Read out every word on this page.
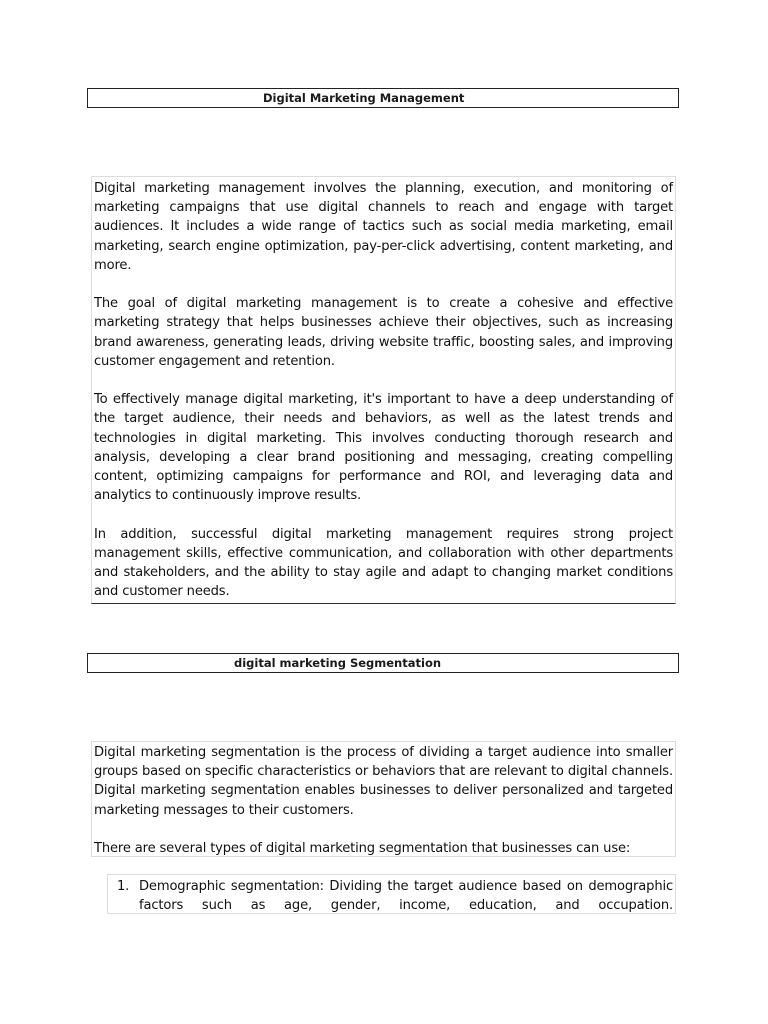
Digital Marketing Management

Digital marketing management involves the planning, execution, and monitoring of marketing campaigns that use digital channels to reach and engage with target audiences. It includes a wide range of tactics such as social media marketing, email marketing, search engine optimization, pay-per-click advertising, content marketing, and more.

The goal of digital marketing management is to create a cohesive and effective marketing strategy that helps businesses achieve their objectives, such as increasing brand awareness, generating leads, driving website traffic, boosting sales, and improving customer engagement and retention.

To effectively manage digital marketing, it's important to have a deep understanding of the target audience, their needs and behaviors, as well as the latest trends and technologies in digital marketing. This involves conducting thorough research and analysis, developing a clear brand positioning and messaging, creating compelling content, optimizing campaigns for performance and ROI, and leveraging data and analytics to continuously improve results.

In addition, successful digital marketing management requires strong project management skills, effective communication, and collaboration with other departments and stakeholders, and the ability to stay agile and adapt to changing market conditions and customer needs.

digital marketing Segmentation

Digital marketing segmentation is the process of dividing a target audience into smaller groups based on specific characteristics or behaviors that are relevant to digital channels. Digital marketing segmentation enables businesses to deliver personalized and targeted marketing messages to their customers.

There are several types of digital marketing segmentation that businesses can use:

1. Demographic segmentation: Dividing the target audience based on demographic factors such as age, gender, income, education, and occupation.
